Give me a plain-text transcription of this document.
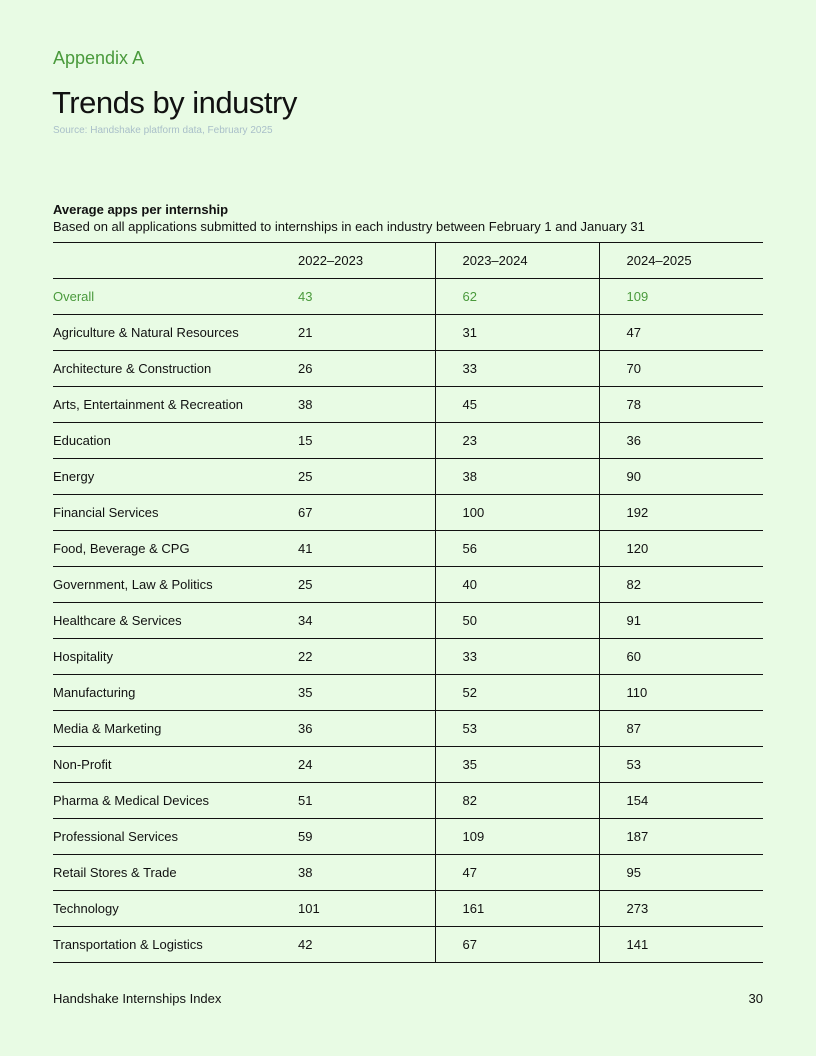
Appendix A
Trends by industry
Source: Handshake platform data, February 2025
Average apps per internship
Based on all applications submitted to internships in each industry between February 1 and January 31
	2022–2023	2023–2024	2024–2025
Overall	43	62	109
Agriculture & Natural Resources	21	31	47
Architecture & Construction	26	33	70
Arts, Entertainment & Recreation	38	45	78
Education	15	23	36
Energy	25	38	90
Financial Services	67	100	192
Food, Beverage & CPG	41	56	120
Government, Law & Politics	25	40	82
Healthcare & Services	34	50	91
Hospitality	22	33	60
Manufacturing	35	52	110
Media & Marketing	36	53	87
Non-Profit	24	35	53
Pharma & Medical Devices	51	82	154
Professional Services	59	109	187
Retail Stores & Trade	38	47	95
Technology	101	161	273
Transportation & Logistics	42	67	141
Handshake Internships Index	30
